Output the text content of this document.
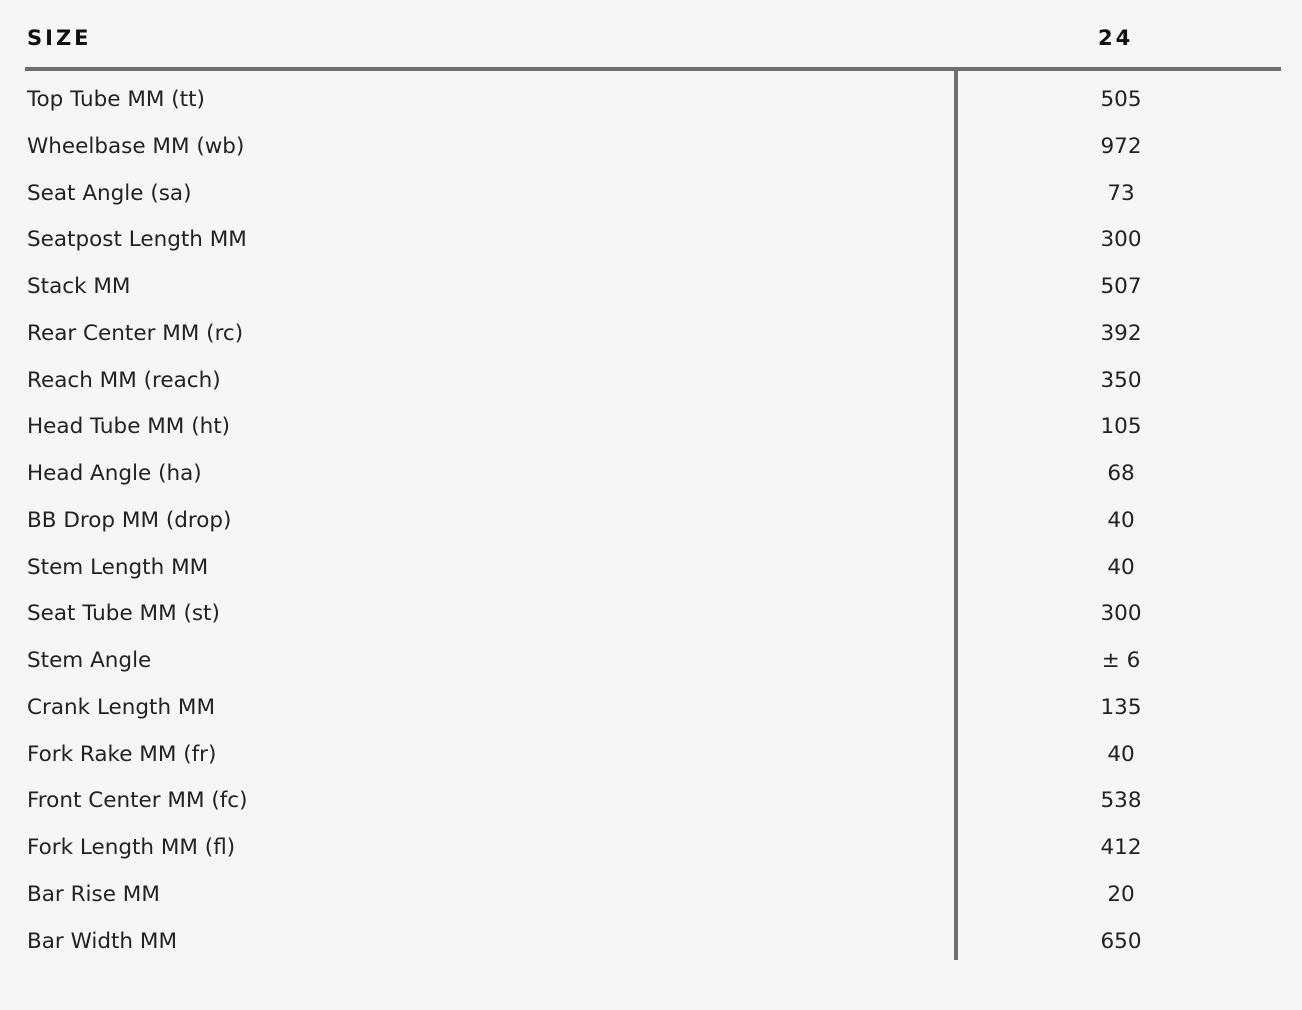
SIZE	24
Top Tube MM (tt)	505
Wheelbase MM (wb)	972
Seat Angle (sa)	73
Seatpost Length MM	300
Stack MM	507
Rear Center MM (rc)	392
Reach MM (reach)	350
Head Tube MM (ht)	105
Head Angle (ha)	68
BB Drop MM (drop)	40
Stem Length MM	40
Seat Tube MM (st)	300
Stem Angle	± 6
Crank Length MM	135
Fork Rake MM (fr)	40
Front Center MM (fc)	538
Fork Length MM (fl)	412
Bar Rise MM	20
Bar Width MM	650
